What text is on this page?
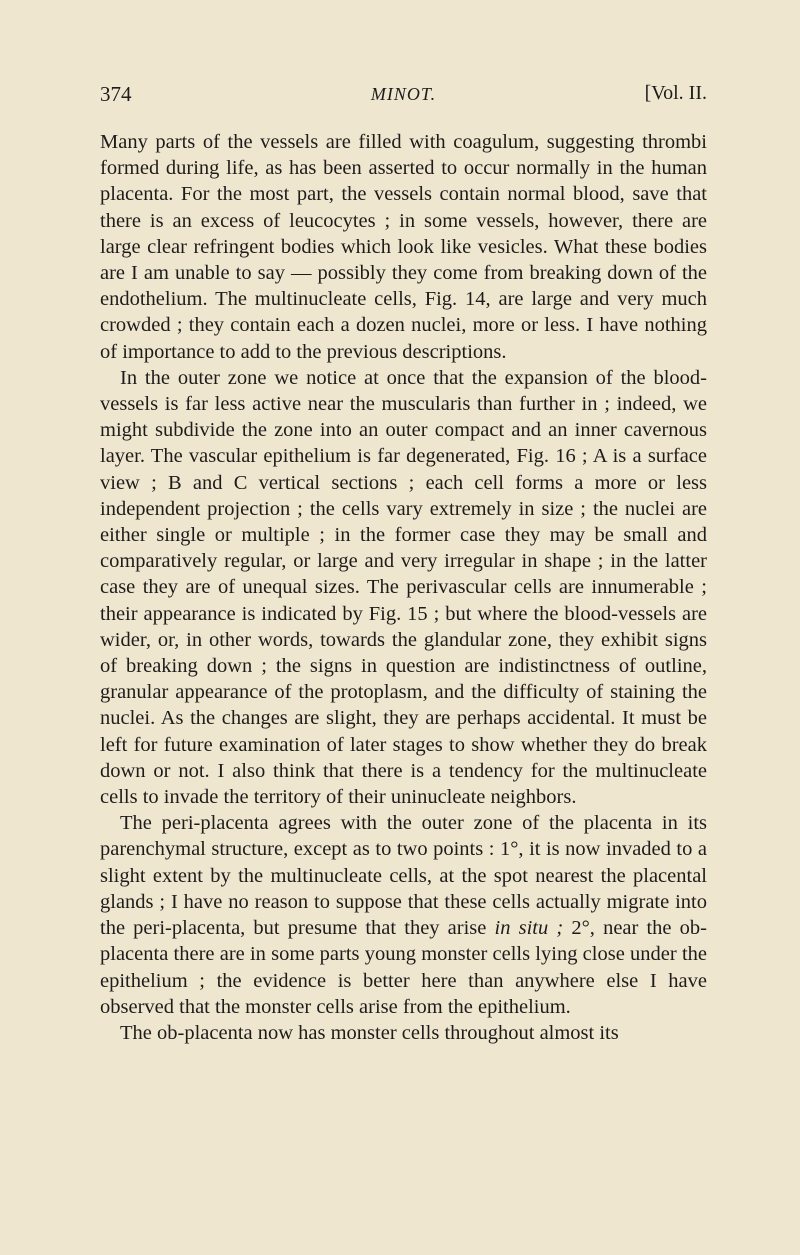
374	MINOT.	[Vol. II.

Many parts of the vessels are filled with coagulum, suggesting thrombi formed during life, as has been asserted to occur normally in the human placenta. For the most part, the vessels contain normal blood, save that there is an excess of leucocytes ; in some vessels, however, there are large clear refringent bodies which look like vesicles. What these bodies are I am unable to say — possibly they come from breaking down of the endothelium. The multinucleate cells, Fig. 14, are large and very much crowded ; they contain each a dozen nuclei, more or less. I have nothing of importance to add to the previous descriptions.

In the outer zone we notice at once that the expansion of the blood-vessels is far less active near the muscularis than further in ; indeed, we might subdivide the zone into an outer compact and an inner cavernous layer. The vascular epithelium is far degenerated, Fig. 16 ; A is a surface view ; B and C vertical sections ; each cell forms a more or less independent projection ; the cells vary extremely in size ; the nuclei are either single or multiple ; in the former case they may be small and comparatively regular, or large and very irregular in shape ; in the latter case they are of unequal sizes. The perivascular cells are innumerable ; their appearance is indicated by Fig. 15 ; but where the blood-vessels are wider, or, in other words, towards the glandular zone, they exhibit signs of breaking down ; the signs in question are indistinctness of outline, granular appearance of the protoplasm, and the difficulty of staining the nuclei. As the changes are slight, they are perhaps accidental. It must be left for future examination of later stages to show whether they do break down or not. I also think that there is a tendency for the multinucleate cells to invade the territory of their uninucleate neighbors.

The peri-placenta agrees with the outer zone of the placenta in its parenchymal structure, except as to two points : 1°, it is now invaded to a slight extent by the multinucleate cells, at the spot nearest the placental glands ; I have no reason to suppose that these cells actually migrate into the peri-placenta, but presume that they arise in situ ; 2°, near the ob-placenta there are in some parts young monster cells lying close under the epithelium ; the evidence is better here than anywhere else I have observed that the monster cells arise from the epithelium.

The ob-placenta now has monster cells throughout almost its
